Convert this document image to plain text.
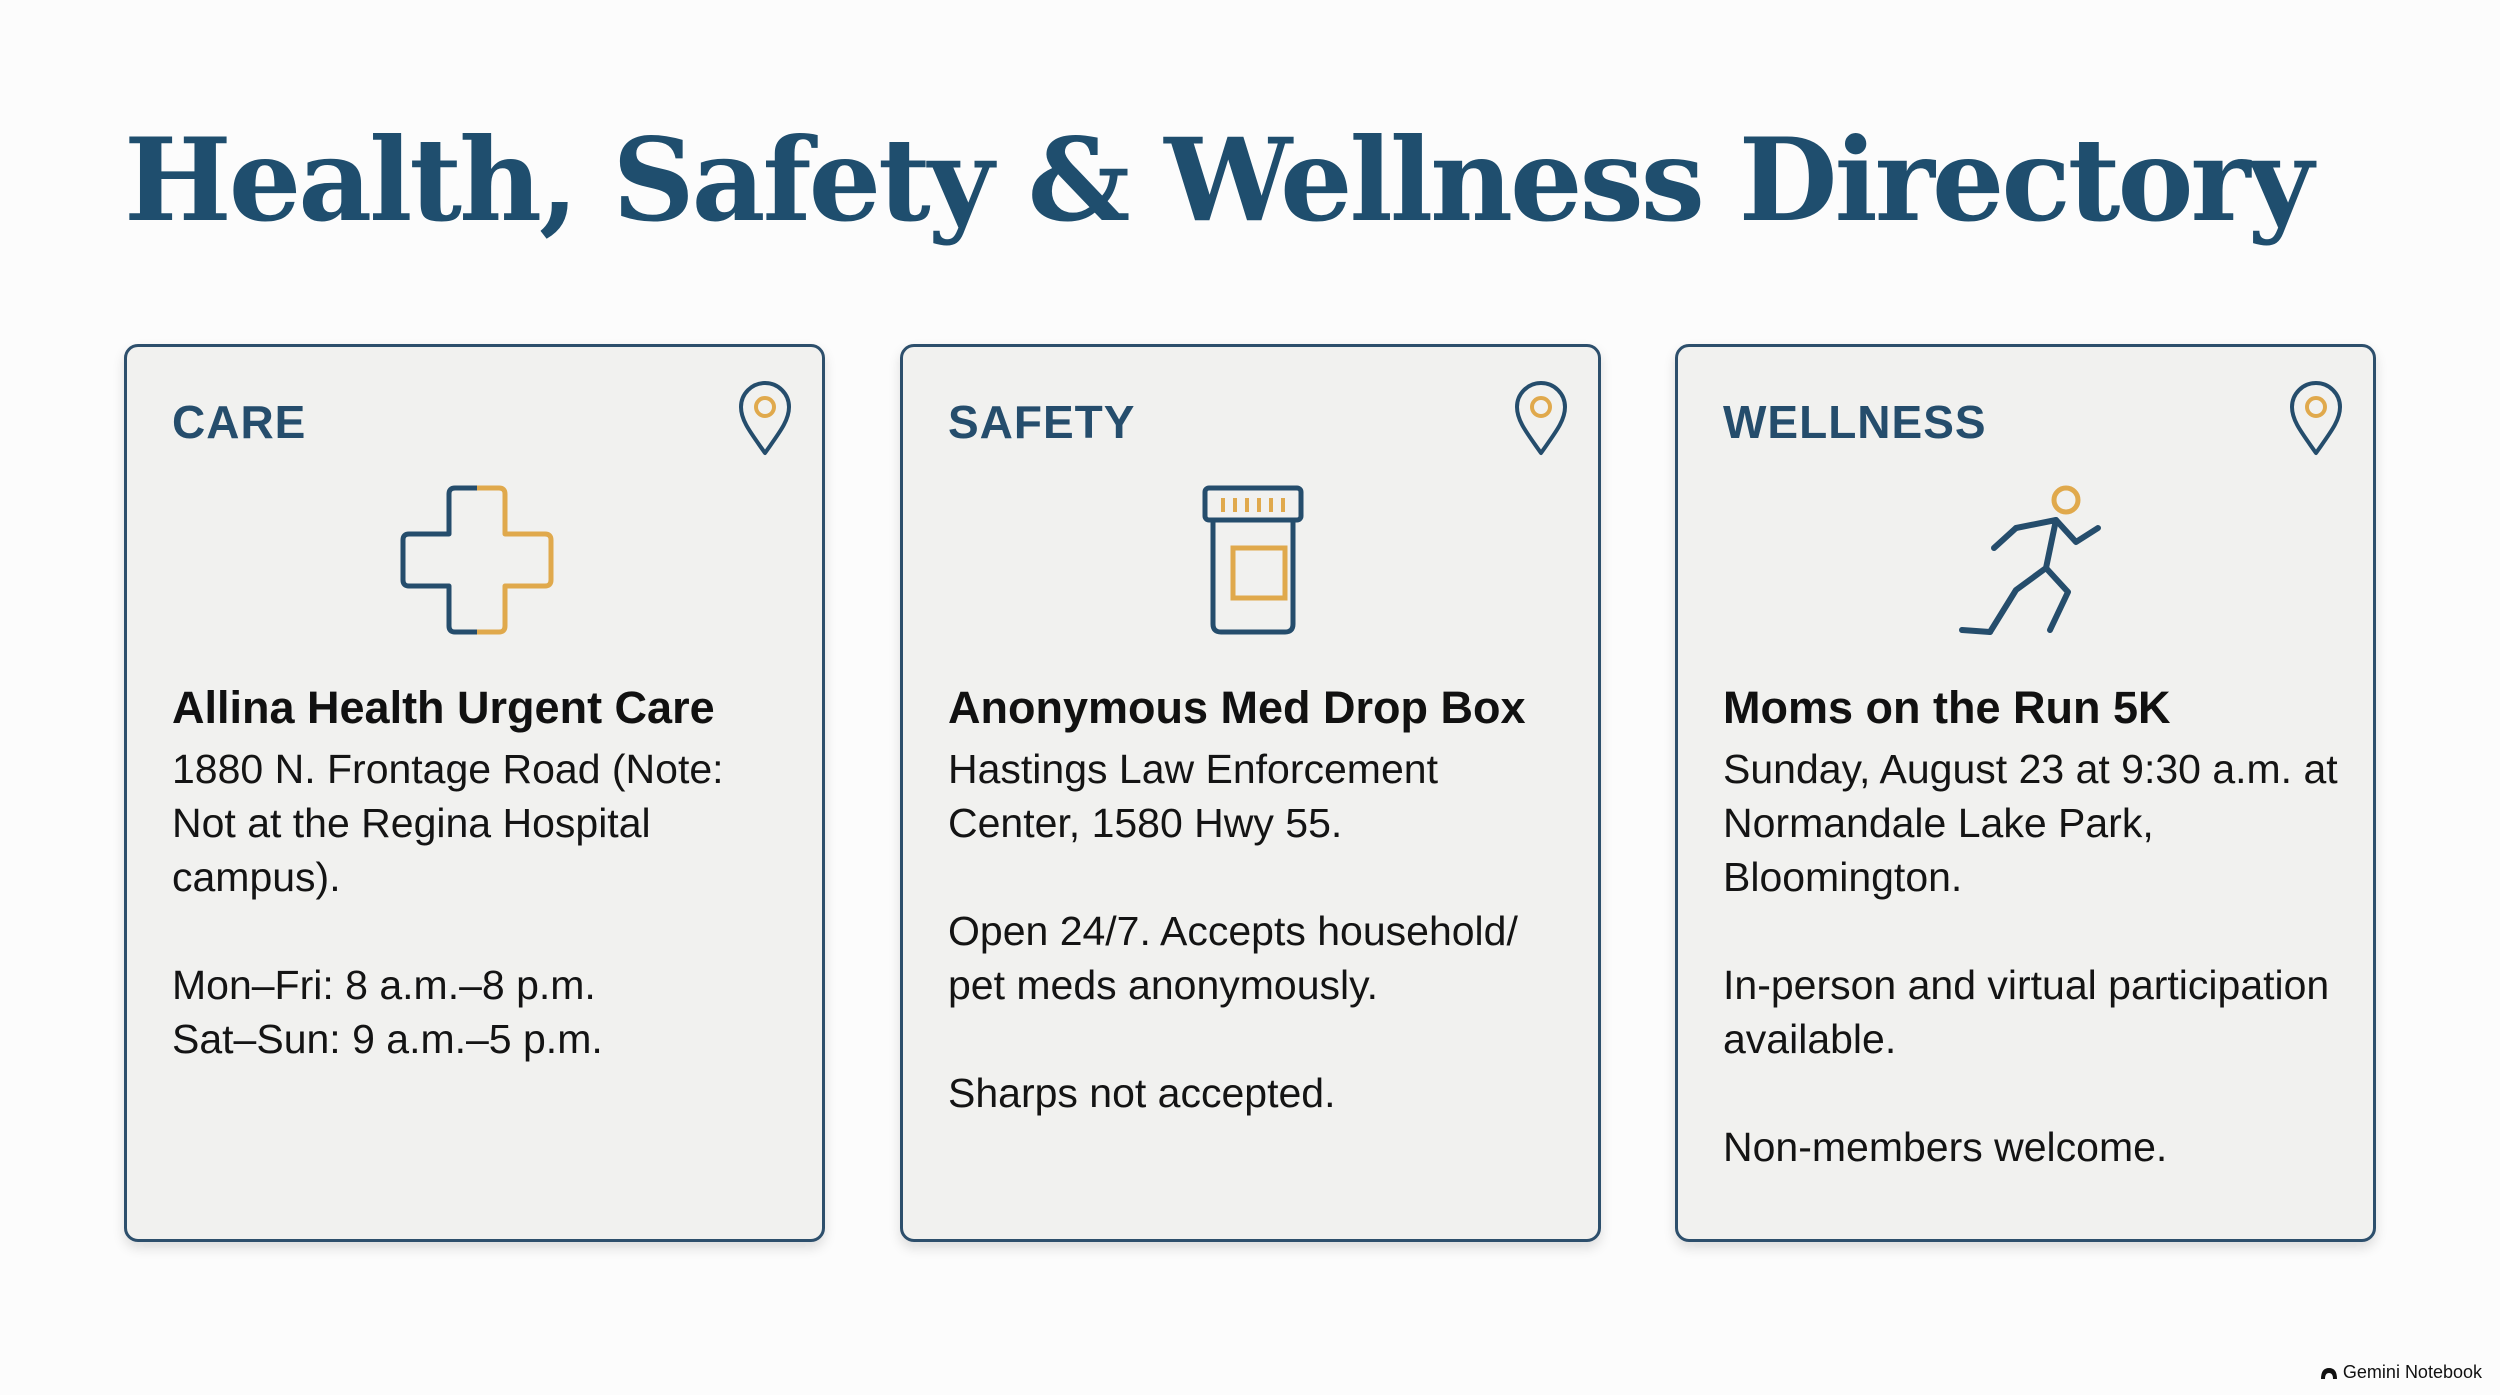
Health, Safety & Wellness Directory
CARE
Allina Health Urgent Care

1880 N. Frontage Road (Note: Not at the Regina Hospital campus).

Mon–Fri: 8 a.m.–8 p.m.
Sat–Sun: 9 a.m.–5 p.m.

SAFETY
Anonymous Med Drop Box

Hastings Law Enforcement Center, 1580 Hwy 55.

Open 24/7. Accepts household/ pet meds anonymously.

Sharps not accepted.

WELLNESS
Moms on the Run 5K

Sunday, August 23 at 9:30 a.m. at Normandale Lake Park, Bloomington.

In-person and virtual participation available.

Non-members welcome.

Gemini Notebook
